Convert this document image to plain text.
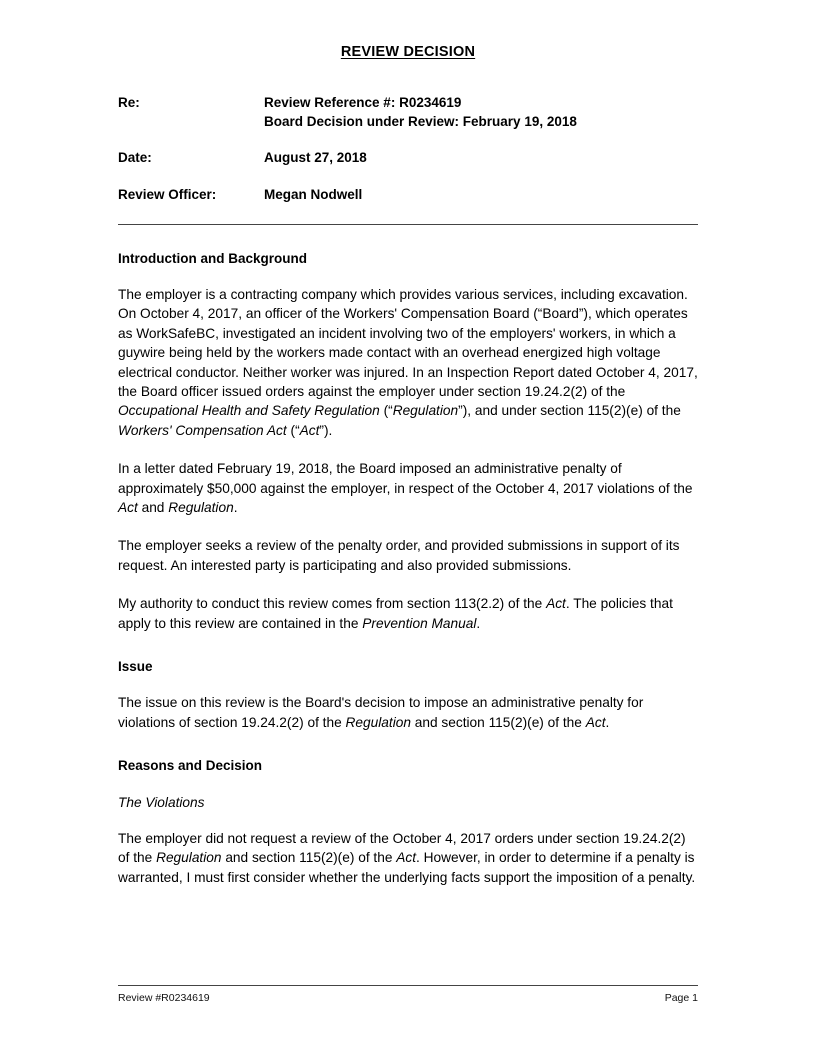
REVIEW DECISION
Re:	Review Reference #: R0234619
Board Decision under Review: February 19, 2018

Date:	August 27, 2018
Review Officer:	Megan Nodwell
Introduction and Background

The employer is a contracting company which provides various services, including excavation. On October 4, 2017, an officer of the Workers' Compensation Board (“Board”), which operates as WorkSafeBC, investigated an incident involving two of the employers' workers, in which a guywire being held by the workers made contact with an overhead energized high voltage electrical conductor. Neither worker was injured. In an Inspection Report dated October 4, 2017, the Board officer issued orders against the employer under section 19.24.2(2) of the Occupational Health and Safety Regulation (“Regulation”), and under section 115(2)(e) of the Workers' Compensation Act (“Act”).

In a letter dated February 19, 2018, the Board imposed an administrative penalty of approximately $50,000 against the employer, in respect of the October 4, 2017 violations of the Act and Regulation.

The employer seeks a review of the penalty order, and provided submissions in support of its request. An interested party is participating and also provided submissions.

My authority to conduct this review comes from section 113(2.2) of the Act. The policies that apply to this review are contained in the Prevention Manual.

Issue

The issue on this review is the Board's decision to impose an administrative penalty for violations of section 19.24.2(2) of the Regulation and section 115(2)(e) of the Act.

Reasons and Decision
The Violations

The employer did not request a review of the October 4, 2017 orders under section 19.24.2(2) of the Regulation and section 115(2)(e) of the Act. However, in order to determine if a penalty is warranted, I must first consider whether the underlying facts support the imposition of a penalty.

Review #R0234619	Page 1
